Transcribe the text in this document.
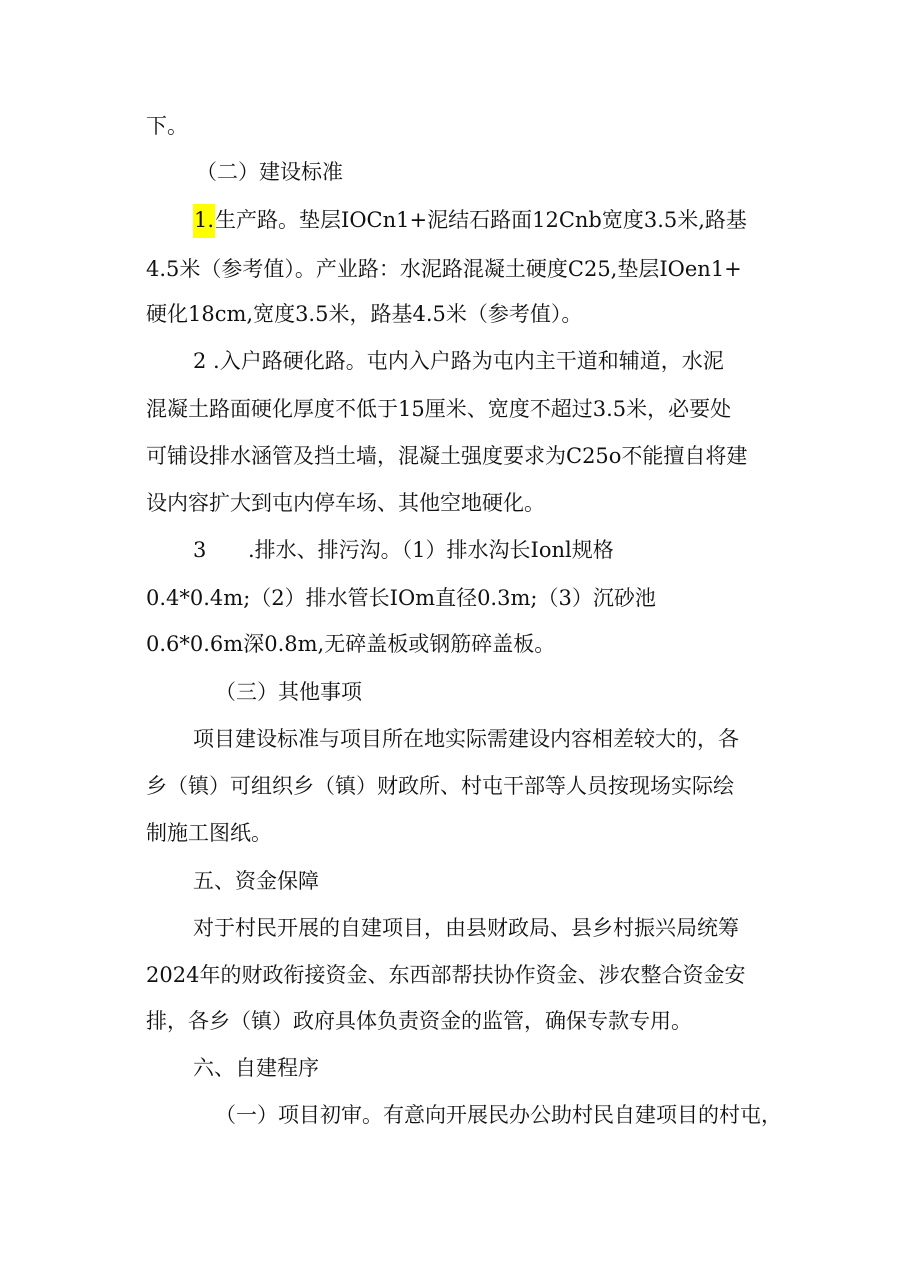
下。
（二）建设标准
1.生产路。垫层IOCn1+泥结石路面12Cnb宽度3.5米,路基
4.5米（参考值）。产业路：水泥路混凝土硬度C25,垫层IOen1+
硬化18cm,宽度3.5米，路基4.5米（参考值）。
2 .入户路硬化路。屯内入户路为屯内主干道和辅道，水泥
混凝土路面硬化厚度不低于15厘米、宽度不超过3.5米，必要处
可铺设排水涵管及挡土墙，混凝土强度要求为C25o不能擅自将建
设内容扩大到屯内停车场、其他空地硬化。
3 .排水、排污沟。（1）排水沟长Ionl规格
0.4*0.4m;（2）排水管长IOm直径0.3m;（3）沉砂池
0.6*0.6m深0.8m,无碎盖板或钢筋碎盖板。
（三）其他事项
项目建设标准与项目所在地实际需建设内容相差较大的，各
乡（镇）可组织乡（镇）财政所、村屯干部等人员按现场实际绘
制施工图纸。
五、资金保障
对于村民开展的自建项目，由县财政局、县乡村振兴局统筹
2024年的财政衔接资金、东西部帮扶协作资金、涉农整合资金安
排，各乡（镇）政府具体负责资金的监管，确保专款专用。
六、自建程序
（一）项目初审。有意向开展民办公助村民自建项目的村屯，
